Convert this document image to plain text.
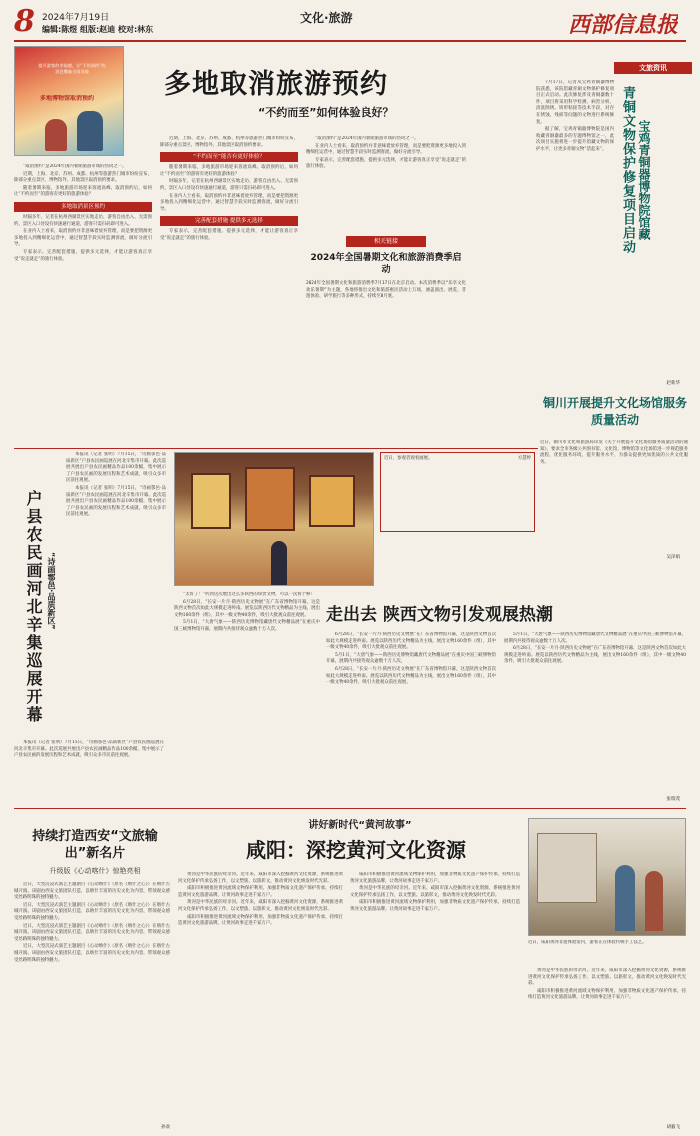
8 2024年7月19日	文化·旅游
编辑:陈煜 组版:赵迪 校对:林东	西部信息报
提升游客的幸福感，让“不用预约”的消息撒遍全国各地
多地博物馆取消预约	多地取消旅游预约
“不约而至”如何体验良好？

“取消预约”是2024年国内暑期旅游市场的热词之一。

近期，上海、北京、苏州、成都、杭州等旅游热门城市纷纷宣布，除部分重点景区、博物馆外，其他景区取消预约要求。

随着暑期来临，多地旅游市场迎来客流高峰。取消预约后，如何让“不约而至”的游客有更好的旅游体验？

多地取消景区预约

时隔多年，记者在杭州西湖景区实地走访，游客自由出入、无需预约，景区入口处设有快速通行通道，游客只需扫码即可进入。

在业内人士看来，取消预约并非意味着放弃管理，而是要把资源更多地投入到精细化运营中，通过智慧手段实时监测客流，做好分流引导。

专家表示，完善配套措施、提供多元选择，才能让游客真正享受“说走就走”的旅行体验。

近期，上海、北京、苏州、成都、杭州等旅游热门城市纷纷宣布，除部分重点景区、博物馆外，其他景区取消预约要求。

“不约而至”能否有更好体验？

随着暑期来临，多地旅游市场迎来客流高峰。取消预约后，如何让“不约而至”的游客有更好的旅游体验？

时隔多年，记者在杭州西湖景区实地走访，游客自由出入、无需预约，景区入口处设有快速通行通道，游客只需扫码即可进入。

在业内人士看来，取消预约并非意味着放弃管理，而是要把资源更多地投入到精细化运营中，通过智慧手段实时监测客流，做好分流引导。

完善配套措施 提供多元选择

专家表示，完善配套措施、提供多元选择，才能让游客真正享受“说走就走”的旅行体验。

“取消预约”是2024年国内暑期旅游市场的热词之一。

在业内人士看来，取消预约并非意味着放弃管理，而是要把资源更多地投入到精细化运营中，通过智慧手段实时监测客流，做好分流引导。

专家表示，完善配套措施、提供多元选择，才能让游客真正享受“说走就走”的旅行体验。

相关链接
2024年全国暑期文化和旅游消费季启动
2024年全国暑期文化和旅游消费季7月17日在北京启动。本次消费季以“乐享文化 欢乐暑期”为主题，各地将推出文化和旅游惠民活动上万场，涵盖演出、展览、非遗体验、研学旅行等多种形式，持续至8月底。
文旅资讯
青铜文物保护修复项目启动 宝鸡青铜器博物院馆藏

7月17日，记者从宝鸡青铜器博物院获悉，该院馆藏青铜文物保护修复项目正式启动。此次修复涉及青铜器数十件，项目将采用科学检测、病害分析、清洗除锈、矫形粘接等技术手段，对存在锈蚀、残损等问题的文物进行系统修复。

据了解，宝鸡青铜器博物院是国内收藏青铜器最多的专题博物馆之一，此次项目实施将进一步提升馆藏文物的保护水平，让更多青铜文物“活起来”。

赵新华
铜川开展提升文化场馆服务质量活动
近日，铜川市文化和旅游局印发《关于开展提升文化场馆服务质量活动的通知》，要求全市各级公共图书馆、文化馆、博物馆等文化场馆进一步规范服务流程，优化服务环境，提升服务水平，为群众提供更加优质的公共文化服务。
吴泽娟
户县农民画河北辛集巡展开幕 “诗画鄠邑·品质新区”

本报讯（记者 张明）7月15日，“诗画鄠邑·品质新区”户县农民画巡展在河北辛集市开幕。此次巡展共展出户县农民画精品作品100余幅，集中展示了户县农民画的发展历程和艺术成就，吸引众多市民前往观展。

本报讯（记者 张明）7月15日，“诗画鄠邑·品质新区”户县农民画巡展在河北辛集市开幕。此次巡展共展出户县农民画精品作品100余幅，集中展示了户县农民画的发展历程和艺术成就，吸引众多市民前往观展。

本报讯（记者 张明）7月15日，“诗画鄠邑·品质新区”户县农民画巡展在河北辛集市开幕。此次巡展共展出户县农民画精品作品100余幅，集中展示了户县农民画的发展历程和艺术成就，吸引众多市民前往观展。

近日，参观者观看画展。	方慧婷

“太好了！”听到这次展出这么多陕西的珍贵文物，可以一次看个够！

6月28日，“长安一片月·陕西历史文物展”在广东省博物馆开幕，这是陕西文物首次如此大规模走进岭南。展览以陕西历代文物精品为主线，展出文物160余件（组），其中一级文物40余件，吸引大批观众前往观展。

5月1日，“大唐气象——陕西历史博物馆藏唐代文物精品展”在重庆中国三峡博物馆开幕，展期内共接待观众逾数十万人次。

走出去 陕西文物引发观展热潮

6月28日，“长安一片月·陕西历史文物展”在广东省博物馆开幕，这是陕西文物首次如此大规模走进岭南。展览以陕西历代文物精品为主线，展出文物160余件（组），其中一级文物40余件，吸引大批观众前往观展。

5月1日，“大唐气象——陕西历史博物馆藏唐代文物精品展”在重庆中国三峡博物馆开幕，展期内共接待观众逾数十万人次。

6月28日，“长安一片月·陕西历史文物展”在广东省博物馆开幕，这是陕西文物首次如此大规模走进岭南。展览以陕西历代文物精品为主线，展出文物160余件（组），其中一级文物40余件，吸引大批观众前往观展。

5月1日，“大唐气象——陕西历史博物馆藏唐代文物精品展”在重庆中国三峡博物馆开幕，展期内共接待观众逾数十万人次。

6月28日，“长安一片月·陕西历史文物展”在广东省博物馆开幕，这是陕西文物首次如此大规模走进岭南。展览以陕西历代文物精品为主线，展出文物160余件（组），其中一级文物40余件，吸引大批观众前往观展。

张瑞茂
持续打造西安“文旅输出”新名片
升级版《心动喀什》惊艳亮相

近日，大型沉浸式演艺主题剧目《心动喀什》（原名《喀什之心》）在喀什古城开演。该剧由西安文旅团队打造，以喀什丰富的历史文化为内容，带领观众感受丝路明珠的独特魅力。

近日，大型沉浸式演艺主题剧目《心动喀什》（原名《喀什之心》）在喀什古城开演。该剧由西安文旅团队打造，以喀什丰富的历史文化为内容，带领观众感受丝路明珠的独特魅力。

近日，大型沉浸式演艺主题剧目《心动喀什》（原名《喀什之心》）在喀什古城开演。该剧由西安文旅团队打造，以喀什丰富的历史文化为内容，带领观众感受丝路明珠的独特魅力。

近日，大型沉浸式演艺主题剧目《心动喀什》（原名《喀什之心》）在喀什古城开演。该剧由西安文旅团队打造，以喀什丰富的历史文化为内容，带领观众感受丝路明珠的独特魅力。

孙欢
讲好新时代“黄河故事”
咸阳：深挖黄河文化资源

黄河是中华民族的母亲河。近年来，咸阳市深入挖掘黄河文化资源，系统推进黄河文化保护传承弘扬工作，以文塑旅、以旅彰文，推动黄河文化焕发时代光彩。

咸阳市积极推进黄河流域文物保护利用，加强非物质文化遗产保护传承，持续打造黄河文化旅游品牌，让黄河故事走进千家万户。

黄河是中华民族的母亲河。近年来，咸阳市深入挖掘黄河文化资源，系统推进黄河文化保护传承弘扬工作，以文塑旅、以旅彰文，推动黄河文化焕发时代光彩。

咸阳市积极推进黄河流域文物保护利用，加强非物质文化遗产保护传承，持续打造黄河文化旅游品牌，让黄河故事走进千家万户。

咸阳市积极推进黄河流域文物保护利用，加强非物质文化遗产保护传承，持续打造黄河文化旅游品牌，让黄河故事走进千家万户。

黄河是中华民族的母亲河。近年来，咸阳市深入挖掘黄河文化资源，系统推进黄河文化保护传承弘扬工作，以文塑旅、以旅彰文，推动黄河文化焕发时代光彩。

咸阳市积极推进黄河流域文物保护利用，加强非物质文化遗产保护传承，持续打造黄河文化旅游品牌，让黄河故事走进千家万户。

近日，咸阳黄河非遗体验馆内，游客正在体验传统手工技艺。

黄河是中华民族的母亲河。近年来，咸阳市深入挖掘黄河文化资源，系统推进黄河文化保护传承弘扬工作，以文塑旅、以旅彰文，推动黄河文化焕发时代光彩。

咸阳市积极推进黄河流域文物保护利用，加强非物质文化遗产保护传承，持续打造黄河文化旅游品牌，让黄河故事走进千家万户。

胡毅飞
